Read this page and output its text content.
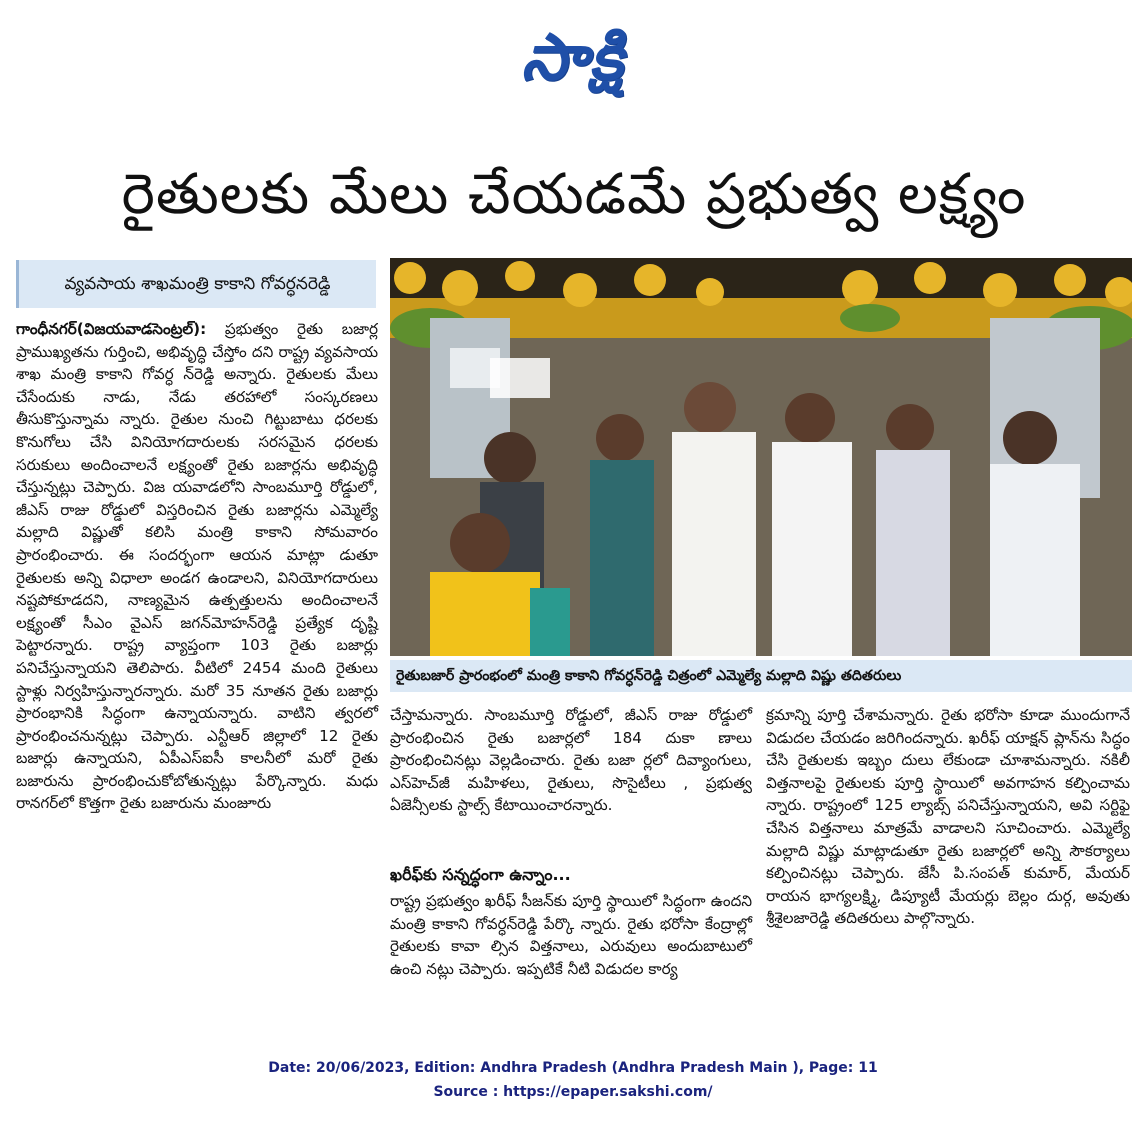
సాక్షి
రైతులకు మేలు చేయడమే ప్రభుత్వ లక్ష్యం
వ్యవసాయ శాఖమంత్రి కాకాని గోవర్ధనరెడ్డి

గాంధీనగర్(విజయవాడసెంట్రల్): ప్రభుత్వం రైతు బజార్ల ప్రాముఖ్యతను గుర్తించి, అభివృద్ధి చేస్తోం దని రాష్ట్ర వ్యవసాయ శాఖ మంత్రి కాకాని గోవర్ధ న్‌రెడ్డి అన్నారు. రైతులకు మేలు చేసేందుకు నాడు, నేడు తరహాలో సంస్కరణలు తీసుకొస్తున్నామ న్నారు. రైతుల నుంచి గిట్టుబాటు ధరలకు కొనుగోలు చేసి వినియోగదారులకు సరసమైన ధరలకు సరుకులు అందించాలనే లక్ష్యంతో రైతు బజార్లను అభివృద్ధి చేస్తున్నట్లు చెప్పారు. విజ యవాడలోని సాంబమూర్తి రోడ్డులో, జీఎస్ రాజు రోడ్డులో విస్తరించిన రైతు బజార్లను ఎమ్మెల్యే మల్లాది విష్ణుతో కలిసి మంత్రి కాకాని సోమవారం ప్రారంభించారు. ఈ సందర్భంగా ఆయన మాట్లా డుతూ రైతులకు అన్ని విధాలా అండగ ఉండాలని, వినియోగదారులు నష్టపోకూడదని, నాణ్యమైన ఉత్పత్తులను అందించాలనే లక్ష్యంతో సీఎం వైఎస్ జగన్‌మోహన్‌రెడ్డి ప్రత్యేక దృష్టి పెట్టారన్నారు. రాష్ట్ర వ్యాప్తంగా 103 రైతు బజార్లు పనిచేస్తున్నాయని తెలిపారు. వీటిలో 2454 మంది రైతులు స్టాళ్లు నిర్వహిస్తున్నారన్నారు. మరో 35 నూతన రైతు బజార్లు ప్రారంభానికి సిద్ధంగా ఉన్నాయన్నారు. వాటిని త్వరలో ప్రారంభించనున్నట్లు చెప్పారు. ఎన్టీఆర్ జిల్లాలో 12 రైతు బజార్లు ఉన్నాయని, ఏపీఎస్ఐసీ కాలనీలో మరో రైతు బజారును ప్రారంభించుకోబోతున్నట్లు పేర్కొన్నారు. మధు రానగర్‌లో కొత్తగా రైతు బజారును మంజూరు

రైతుబజార్ ప్రారంభంలో మంత్రి కాకాని గోవర్ధన్‌రెడ్డి చిత్రంలో ఎమ్మెల్యే మల్లాది విష్ణు తదితరులు

చేస్తామన్నారు. సాంబమూర్తి రోడ్డులో, జీఎస్ రాజు రోడ్డులో ప్రారంభించిన రైతు బజార్లలో 184 దుకా ణాలు ప్రారంభించినట్లు వెల్లడించారు. రైతు బజా ర్లలో దివ్యాంగులు, ఎస్‌హెచ్‌జీ మహిళలు, రైతులు, సొసైటీలు , ప్రభుత్వ ఏజెన్సీలకు స్టాల్స్ కేటాయించారన్నారు.

ఖరీఫ్‌కు సన్నద్ధంగా ఉన్నాం...

రాష్ట్ర ప్రభుత్వం ఖరీఫ్ సీజన్‌కు పూర్తి స్థాయిలో సిద్ధంగా ఉందని మంత్రి కాకాని గోవర్ధన్‌రెడ్డి పేర్కొ న్నారు. రైతు భరోసా కేంద్రాల్లో రైతులకు కావా ల్సిన విత్తనాలు, ఎరువులు అందుబాటులో ఉంచి నట్లు చెప్పారు. ఇప్పటికే నీటి విడుదల కార్య

క్రమాన్ని పూర్తి చేశామన్నారు. రైతు భరోసా కూడా ముందుగానే విడుదల చేయడం జరిగిందన్నారు. ఖరీఫ్ యాక్షన్ ప్లాన్‌ను సిద్ధం చేసి రైతులకు ఇబ్బం దులు లేకుండా చూశామన్నారు. నకిలీ విత్తనాలపై రైతులకు పూర్తి స్థాయిలో అవగాహన కల్పించామ న్నారు. రాష్ట్రంలో 125 ల్యాబ్స్ పనిచేస్తున్నాయని, అవి సర్టిఫై చేసిన విత్తనాలు మాత్రమే వాడాలని సూచించారు. ఎమ్మెల్యే మల్లాది విష్ణు మాట్లాడుతూ రైతు బజార్లలో అన్ని సౌకర్యాలు కల్పించినట్లు చెప్పారు. జేసీ పి.సంపత్ కుమార్, మేయర్ రాయన భాగ్యలక్ష్మి, డిప్యూటీ మేయర్లు బెల్లం దుర్గ, అవుతు శ్రీశైలజారెడ్డి తదితరులు పాల్గొన్నారు.

Date: 20/06/2023, Edition: Andhra Pradesh (Andhra Pradesh Main ), Page: 11
Source : https://epaper.sakshi.com/
